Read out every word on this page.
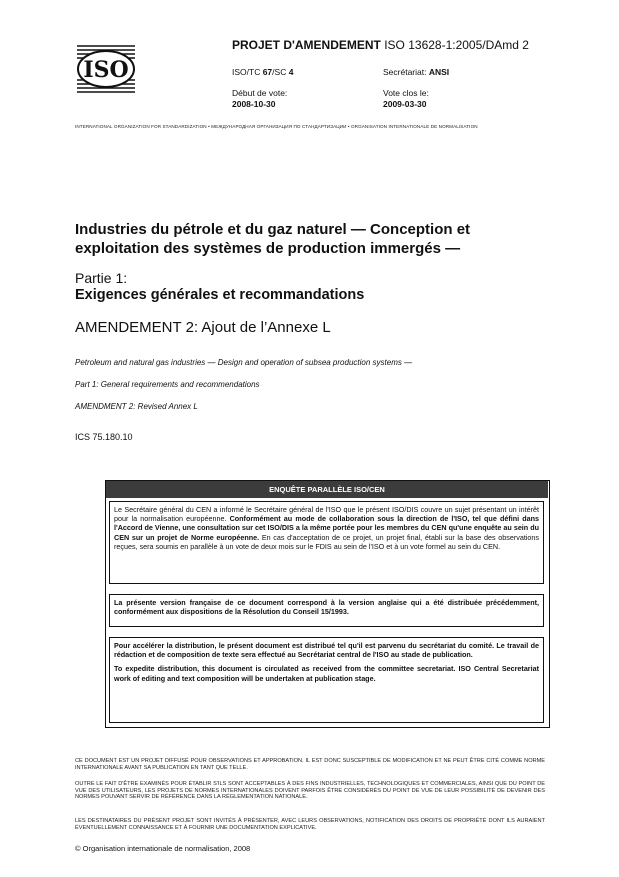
ISO
PROJET D'AMENDEMENT ISO 13628-1:2005/DAmd 2
ISO/TC 67/SC 4	Secrétariat: ANSI
Début de vote:
2008-10-30
Vote clos le:
2009-03-30
INTERNATIONAL ORGANIZATION FOR STANDARDIZATION • МЕЖДУНАРОДНАЯ ОРГАНИЗАЦИЯ ПО СТАНДАРТИЗАЦИИ • ORGANISATION INTERNATIONALE DE NORMALISATION
Industries du pétrole et du gaz naturel — Conception et exploitation des systèmes de production immergés —
Partie 1:
Exigences générales et recommandations
AMENDEMENT 2: Ajout de l’Annexe L
Petroleum and natural gas industries — Design and operation of subsea production systems —
Part 1: General requirements and recommendations
AMENDMENT 2: Revised Annex L
ICS 75.180.10
ENQUÊTE PARALLÈLE ISO/CEN

Le Secrétaire général du CEN a informé le Secrétaire général de l'ISO que le présent ISO/DIS couvre un sujet présentant un intérêt pour la normalisation européenne. Conformément au mode de collaboration sous la direction de l'ISO, tel que défini dans l'Accord de Vienne, une consultation sur cet ISO/DIS a la même portée pour les membres du CEN qu'une enquête au sein du CEN sur un projet de Norme européenne. En cas d'acceptation de ce projet, un projet final, établi sur la base des observations reçues, sera soumis en parallèle à un vote de deux mois sur le FDIS au sein de l'ISO et à un vote formel au sein du CEN.

La présente version française de ce document correspond à la version anglaise qui a été distribuée précédemment, conformément aux dispositions de la Résolution du Conseil 15/1993.

Pour accélérer la distribution, le présent document est distribué tel qu'il est parvenu du secrétariat du comité. Le travail de rédaction et de composition de texte sera effectué au Secrétariat central de l'ISO au stade de publication.

To expedite distribution, this document is circulated as received from the committee secretariat. ISO Central Secretariat work of editing and text composition will be undertaken at publication stage.

CE DOCUMENT EST UN PROJET DIFFUSÉ POUR OBSERVATIONS ET APPROBATION. IL EST DONC SUSCEPTIBLE DE MODIFICATION ET NE PEUT ÊTRE CITÉ COMME NORME INTERNATIONALE AVANT SA PUBLICATION EN TANT QUE TELLE.
OUTRE LE FAIT D'ÊTRE EXAMINÉS POUR ÉTABLIR S'ILS SONT ACCEPTABLES À DES FINS INDUSTRIELLES, TECHNOLOGIQUES ET COMMERCIALES, AINSI QUE DU POINT DE VUE DES UTILISATEURS, LES PROJETS DE NORMES INTERNATIONALES DOIVENT PARFOIS ÊTRE CONSIDÉRÉS DU POINT DE VUE DE LEUR POSSIBILITÉ DE DEVENIR DES NORMES POUVANT SERVIR DE RÉFÉRENCE DANS LA RÉGLEMENTATION NATIONALE.
LES DESTINATAIRES DU PRÉSENT PROJET SONT INVITÉS À PRÉSENTER, AVEC LEURS OBSERVATIONS, NOTIFICATION DES DROITS DE PROPRIÉTÉ DONT ILS AURAIENT ÉVENTUELLEMENT CONNAISSANCE ET À FOURNIR UNE DOCUMENTATION EXPLICATIVE.
© Organisation internationale de normalisation, 2008
